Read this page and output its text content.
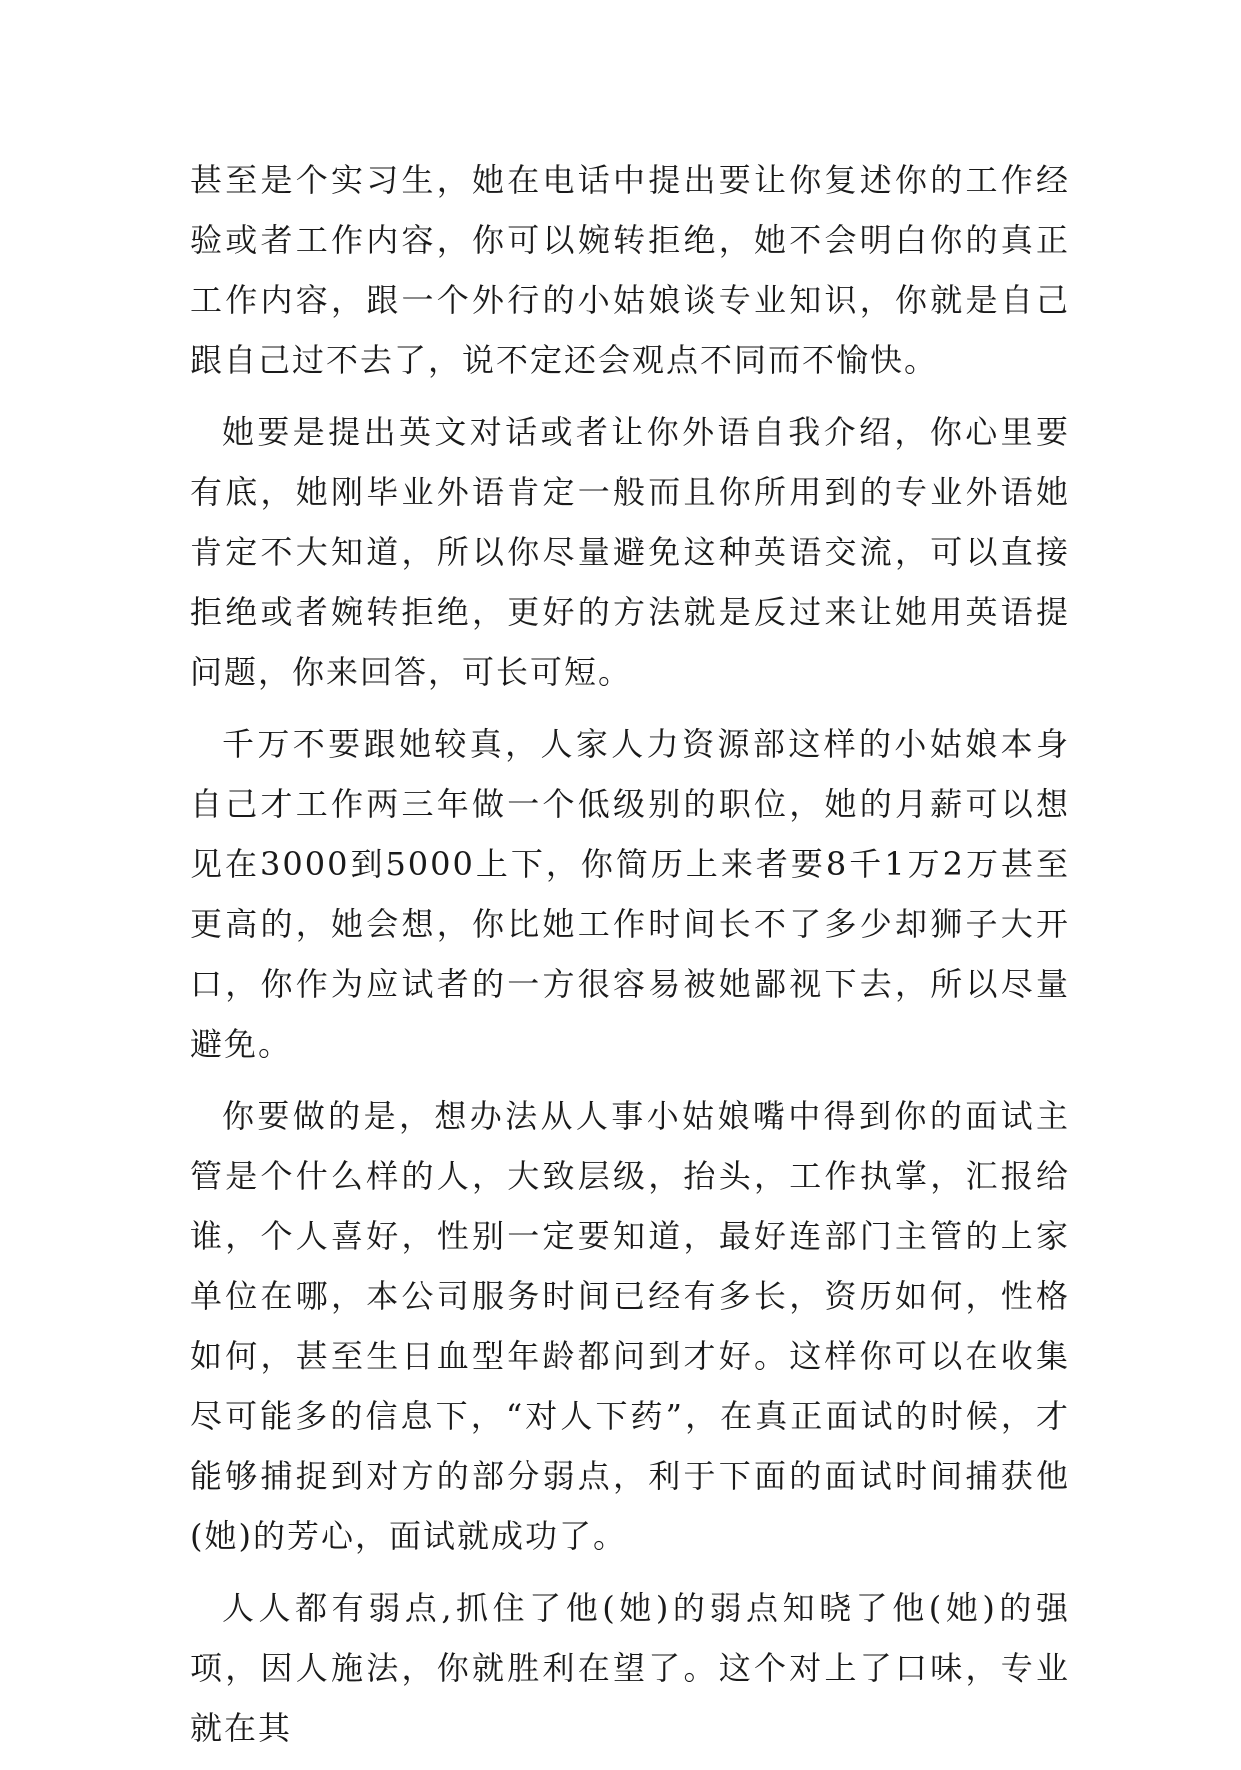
甚至是个实习生，她在电话中提出要让你复述你的工作经验或者工作内容，你可以婉转拒绝，她不会明白你的真正工作内容，跟一个外行的小姑娘谈专业知识，你就是自己跟自己过不去了，说不定还会观点不同而不愉快。

她要是提出英文对话或者让你外语自我介绍，你心里要有底，她刚毕业外语肯定一般而且你所用到的专业外语她肯定不大知道，所以你尽量避免这种英语交流，可以直接拒绝或者婉转拒绝，更好的方法就是反过来让她用英语提问题，你来回答，可长可短。

千万不要跟她较真，人家人力资源部这样的小姑娘本身自己才工作两三年做一个低级别的职位，她的月薪可以想见在3000到5000上下，你简历上来者要8千1万2万甚至更高的，她会想，你比她工作时间长不了多少却狮子大开口，你作为应试者的一方很容易被她鄙视下去，所以尽量避免。

你要做的是，想办法从人事小姑娘嘴中得到你的面试主管是个什么样的人，大致层级，抬头，工作执掌，汇报给谁，个人喜好，性别一定要知道，最好连部门主管的上家单位在哪，本公司服务时间已经有多长，资历如何，性格如何，甚至生日血型年龄都问到才好。这样你可以在收集尽可能多的信息下，“对人下药”，在真正面试的时候，才能够捕捉到对方的部分弱点，利于下面的面试时间捕获他(她)的芳心，面试就成功了。

人人都有弱点,抓住了他(她)的弱点知晓了他(她)的强项，因人施法，你就胜利在望了。这个对上了口味，专业就在其
